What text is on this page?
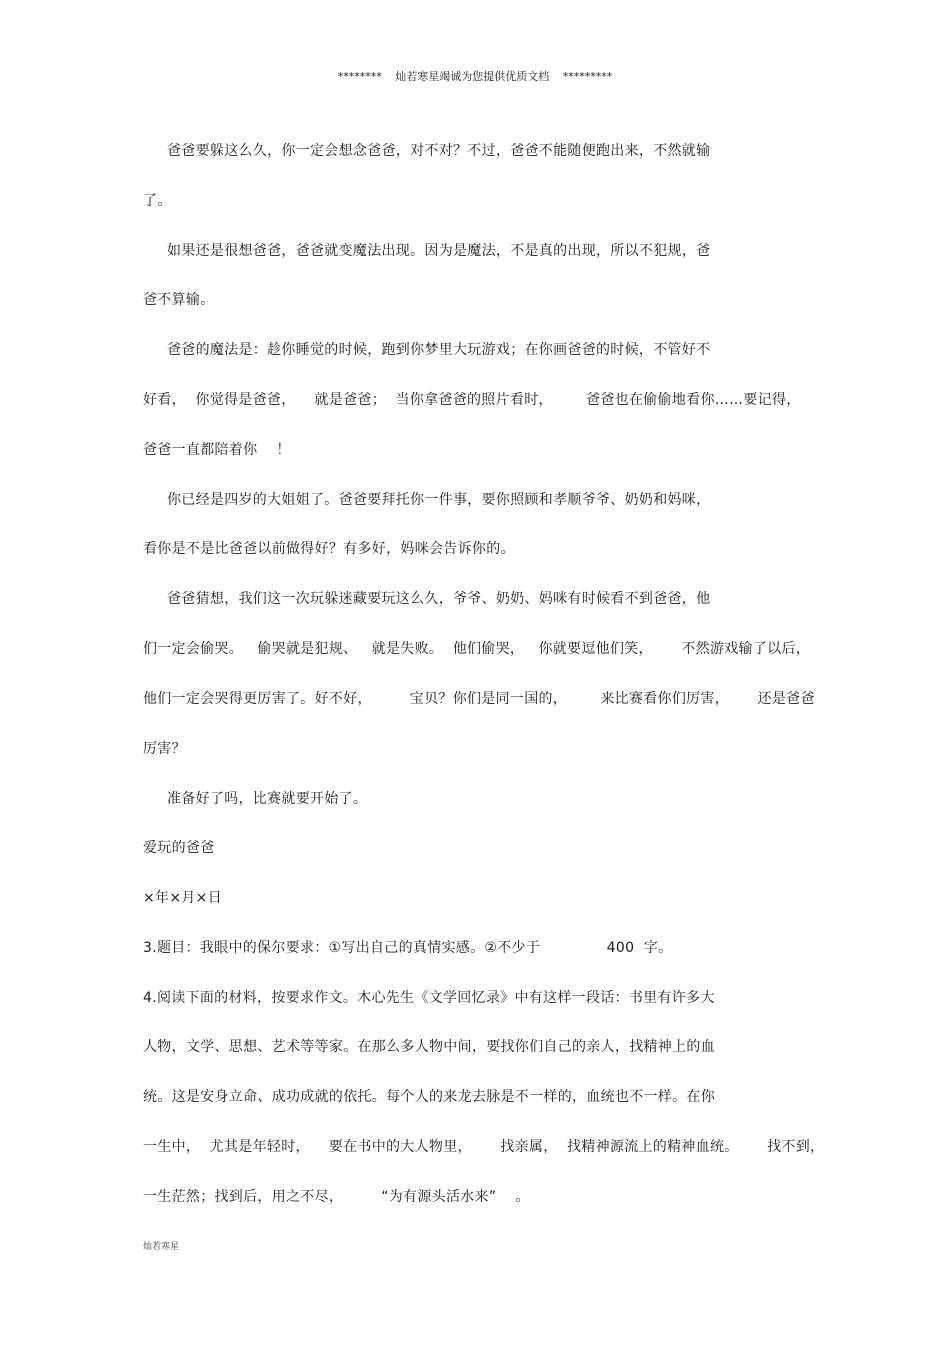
******** 灿若寒星竭诚为您提供优质文档 *********
爸爸要躲这么久，你一定会想念爸爸，对不对？不过，爸爸不能随便跑出来，不然就输
了。
如果还是很想爸爸，爸爸就变魔法出现。因为是魔法，不是真的出现，所以不犯规，爸
爸不算输。
爸爸的魔法是：趁你睡觉的时候，跑到你梦里大玩游戏；在你画爸爸的时候，不管好不
好看，  你觉得是爸爸，    就是爸爸；  当你拿爸爸的照片看时，       爸爸也在偷偷地看你……要记得，
爸爸一直都陪着你    ！
你已经是四岁的大姐姐了。爸爸要拜托你一件事，要你照顾和孝顺爷爷、奶奶和妈咪，
看你是不是比爸爸以前做得好？有多好，妈咪会告诉你的。
爸爸猜想，我们这一次玩躲迷藏要玩这么久，爷爷、奶奶、妈咪有时候看不到爸爸，他
们一定会偷哭。   偷哭就是犯规、   就是失败。  他们偷哭，   你就要逗他们笑，      不然游戏输了以后，
他们一定会哭得更厉害了。好不好，        宝贝？你们是同一国的，       来比赛看你们厉害，      还是爸爸
厉害？
准备好了吗，比赛就要开始了。
爱玩的爸爸
×年×月×日
3.题目：我眼中的保尔要求：①写出自己的真情实感。②不少于              400  字。
4.阅读下面的材料，按要求作文。木心先生《文学回忆录》中有这样一段话：书里有许多大
人物，文学、思想、艺术等等家。在那么多人物中间，要找你们自己的亲人，找精神上的血
统。这是安身立命、成功成就的依托。每个人的来龙去脉是不一样的，血统也不一样。在你
一生中，  尤其是年轻时，    要在书中的大人物里，      找亲属，  找精神源流上的精神血统。      找不到，
一生茫然；找到后，用之不尽，        “为有源头活水来”    。
灿若寒星
